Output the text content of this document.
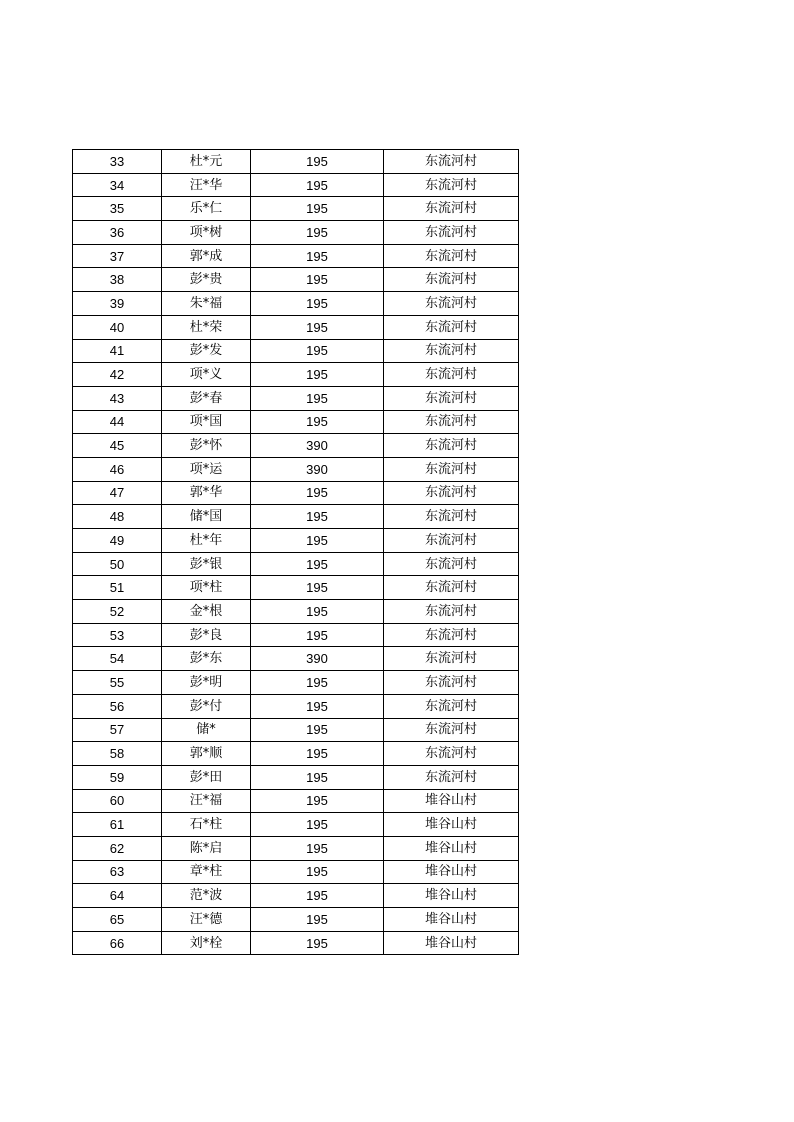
33	杜*元	195	东流河村
34	汪*华	195	东流河村
35	乐*仁	195	东流河村
36	项*树	195	东流河村
37	郭*成	195	东流河村
38	彭*贵	195	东流河村
39	朱*福	195	东流河村
40	杜*荣	195	东流河村
41	彭*发	195	东流河村
42	项*义	195	东流河村
43	彭*春	195	东流河村
44	项*国	195	东流河村
45	彭*怀	390	东流河村
46	项*运	390	东流河村
47	郭*华	195	东流河村
48	储*国	195	东流河村
49	杜*年	195	东流河村
50	彭*银	195	东流河村
51	项*柱	195	东流河村
52	金*根	195	东流河村
53	彭*良	195	东流河村
54	彭*东	390	东流河村
55	彭*明	195	东流河村
56	彭*付	195	东流河村
57	储*	195	东流河村
58	郭*顺	195	东流河村
59	彭*田	195	东流河村
60	汪*福	195	堆谷山村
61	石*柱	195	堆谷山村
62	陈*启	195	堆谷山村
63	章*柱	195	堆谷山村
64	范*波	195	堆谷山村
65	汪*德	195	堆谷山村
66	刘*栓	195	堆谷山村
